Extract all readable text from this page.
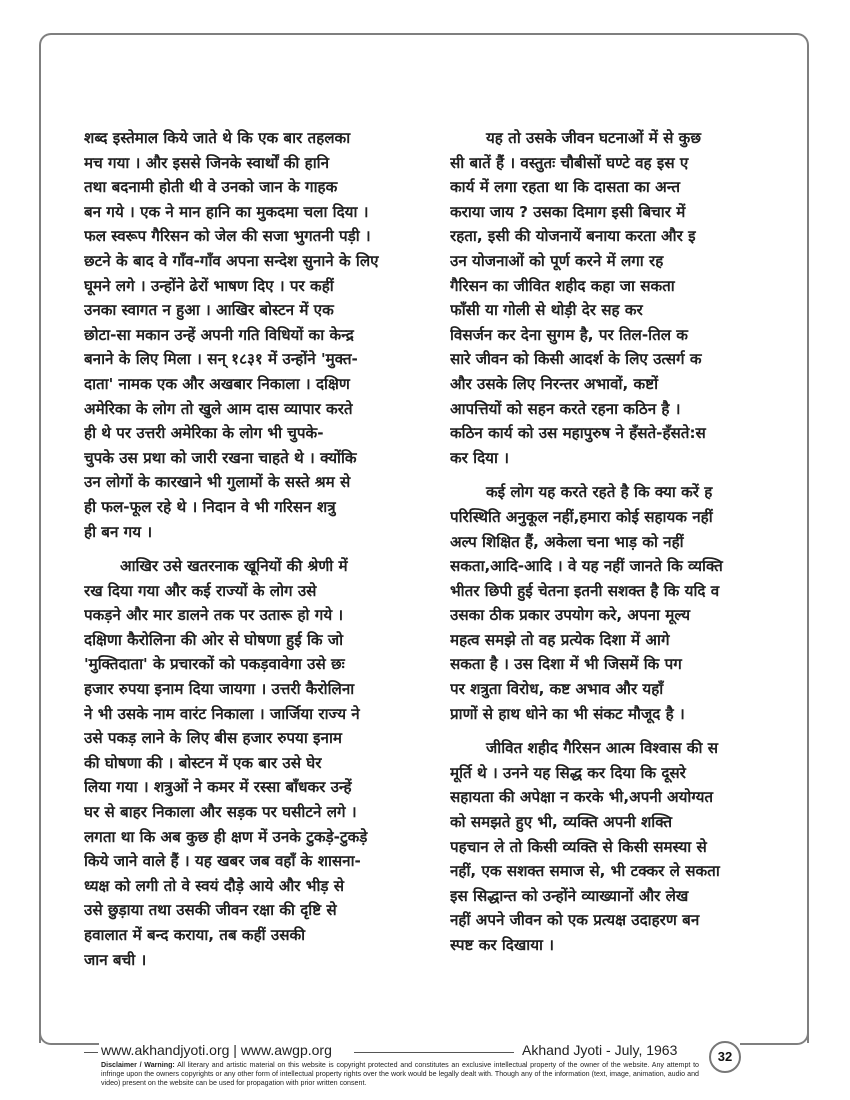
शब्द इस्तेमाल किये जाते थे कि एक बार तहलका
मच गया । और इससे जिनके स्वार्थों की हानि
तथा बदनामी होती थी वे उनको जान के गाहक
बन गये । एक ने मान हानि का मुकदमा चला दिया ।
फल स्वरूप गैरिसन को जेल की सजा भुगतनी पड़ी ।
छटने के बाद वे गाँव-गाँव अपना सन्देश सुनाने के लिए
घूमने लगे । उन्होंने ढेरों भाषण दिए । पर कहीं
उनका स्वागत न हुआ । आखिर बोस्टन में एक
छोटा-सा मकान उन्हें अपनी गति विधियों का केन्द्र
बनाने के लिए मिला । सन् १८३१ में उन्होंने 'मुक्त-
दाता' नामक एक और अखबार निकाला । दक्षिण
अमेरिका के लोग तो खुले आम दास व्यापार करते
ही थे पर उत्तरी अमेरिका के लोग भी चुपके-
चुपके उस प्रथा को जारी रखना चाहते थे । क्योंकि
उन लोगों के कारखाने भी गुलामों के सस्ते श्रम से
ही फल-फूल रहे थे । निदान वे भी गरिसन शत्रु
ही बन गय ।

आखिर उसे खतरनाक खूनियों की श्रेणी में
रख दिया गया और कई राज्यों के लोग उसे
पकड़ने और मार डालने तक पर उतारू हो गये ।
दक्षिणा कैरोलिना की ओर से घोषणा हुई कि जो
'मुक्तिदाता' के प्रचारकों को पकड़वावेगा उसे छः
हजार रुपया इनाम दिया जायगा । उत्तरी कैरोलिना
ने भी उसके नाम वारंट निकाला । जार्जिया राज्य ने
उसे पकड़ लाने के लिए बीस हजार रुपया इनाम
की घोषणा की । बोस्टन में एक बार उसे घेर
लिया गया । शत्रुओं ने कमर में रस्सा बाँधकर उन्हें
घर से बाहर निकाला और सड़क पर घसीटने लगे ।
लगता था कि अब कुछ ही क्षण में उनके टुकड़े-टुकड़े
किये जाने वाले हैं । यह खबर जब वहाँ के शासना-
ध्यक्ष को लगी तो वे स्वयं दौड़े आये और भीड़ से
उसे छुड़ाया तथा उसकी जीवन रक्षा की दृष्टि से
हवालात में बन्द कराया, तब कहीं उसकी
जान बची ।

यह तो उसके जीवन घटनाओं में से कुछ
सी बातें हैं । वस्तुतः चौबीसों घण्टे वह इस ए
कार्य में लगा रहता था कि दासता का अन्त
कराया जाय ? उसका दिमाग इसी बिचार में
रहता, इसी की योजनायें बनाया करता और इ
उन योजनाओं को पूर्ण करने में लगा रह
गैरिसन का जीवित शहीद कहा जा सकता
फाँसी या गोली से थोड़ी देर सह कर
विसर्जन कर देना सुगम है, पर तिल-तिल क
सारे जीवन को किसी आदर्श के लिए उत्सर्ग क
और उसके लिए निरन्तर अभावों, कष्टों
आपत्तियों को सहन करते रहना कठिन है ।
कठिन कार्य को उस महापुरुष ने हँसते-हँसते:स
कर दिया ।

कई लोग यह करते रहते है कि क्या करें ह
परिस्थिति अनुकूल नहीं,हमारा कोई सहायक नहीं
अल्प शिक्षित हैं, अकेला चना भाड़ को नहीं
सकता,आदि-आदि । वे यह नहीं जानते कि व्यक्ति
भीतर छिपी हुई चेतना इतनी सशक्त है कि यदि व
उसका ठीक प्रकार उपयोग करे, अपना मूल्य
महत्व समझे तो वह प्रत्येक दिशा में आगे
सकता है । उस दिशा में भी जिसमें कि पग
पर शत्रुता विरोध, कष्ट अभाव और यहाँ
प्राणों से हाथ धोने का भी संकट मौजूद है ।

जीवित शहीद गैरिसन आत्म विश्वास की स
मूर्ति थे । उनने यह सिद्ध कर दिया कि दूसरे
सहायता की अपेक्षा न करके भी,अपनी अयोग्यत
को समझते हुए भी, व्यक्ति अपनी शक्ति
पहचान ले तो किसी व्यक्ति से किसी समस्या से
नहीं, एक सशक्त समाज से, भी टक्कर ले सकता
इस सिद्धान्त को उन्होंने व्याख्यानों और लेख
नहीं अपने जीवन को एक प्रत्यक्ष उदाहरण बन
स्पष्ट कर दिखाया ।

www.akhandjyoti.org | www.awgp.org	Akhand Jyoti - July, 1963	32
Disclaimer / Warning: All literary and artistic material on this website is copyright protected and constitutes an exclusive intellectual property of the owner of the website. Any attempt to infringe upon the owners copyrights or any other form of intellectual property rights over the work would be legally dealt with. Though any of the information (text, image, animation, audio and video) present on the website can be used for propagation with prior written consent.
